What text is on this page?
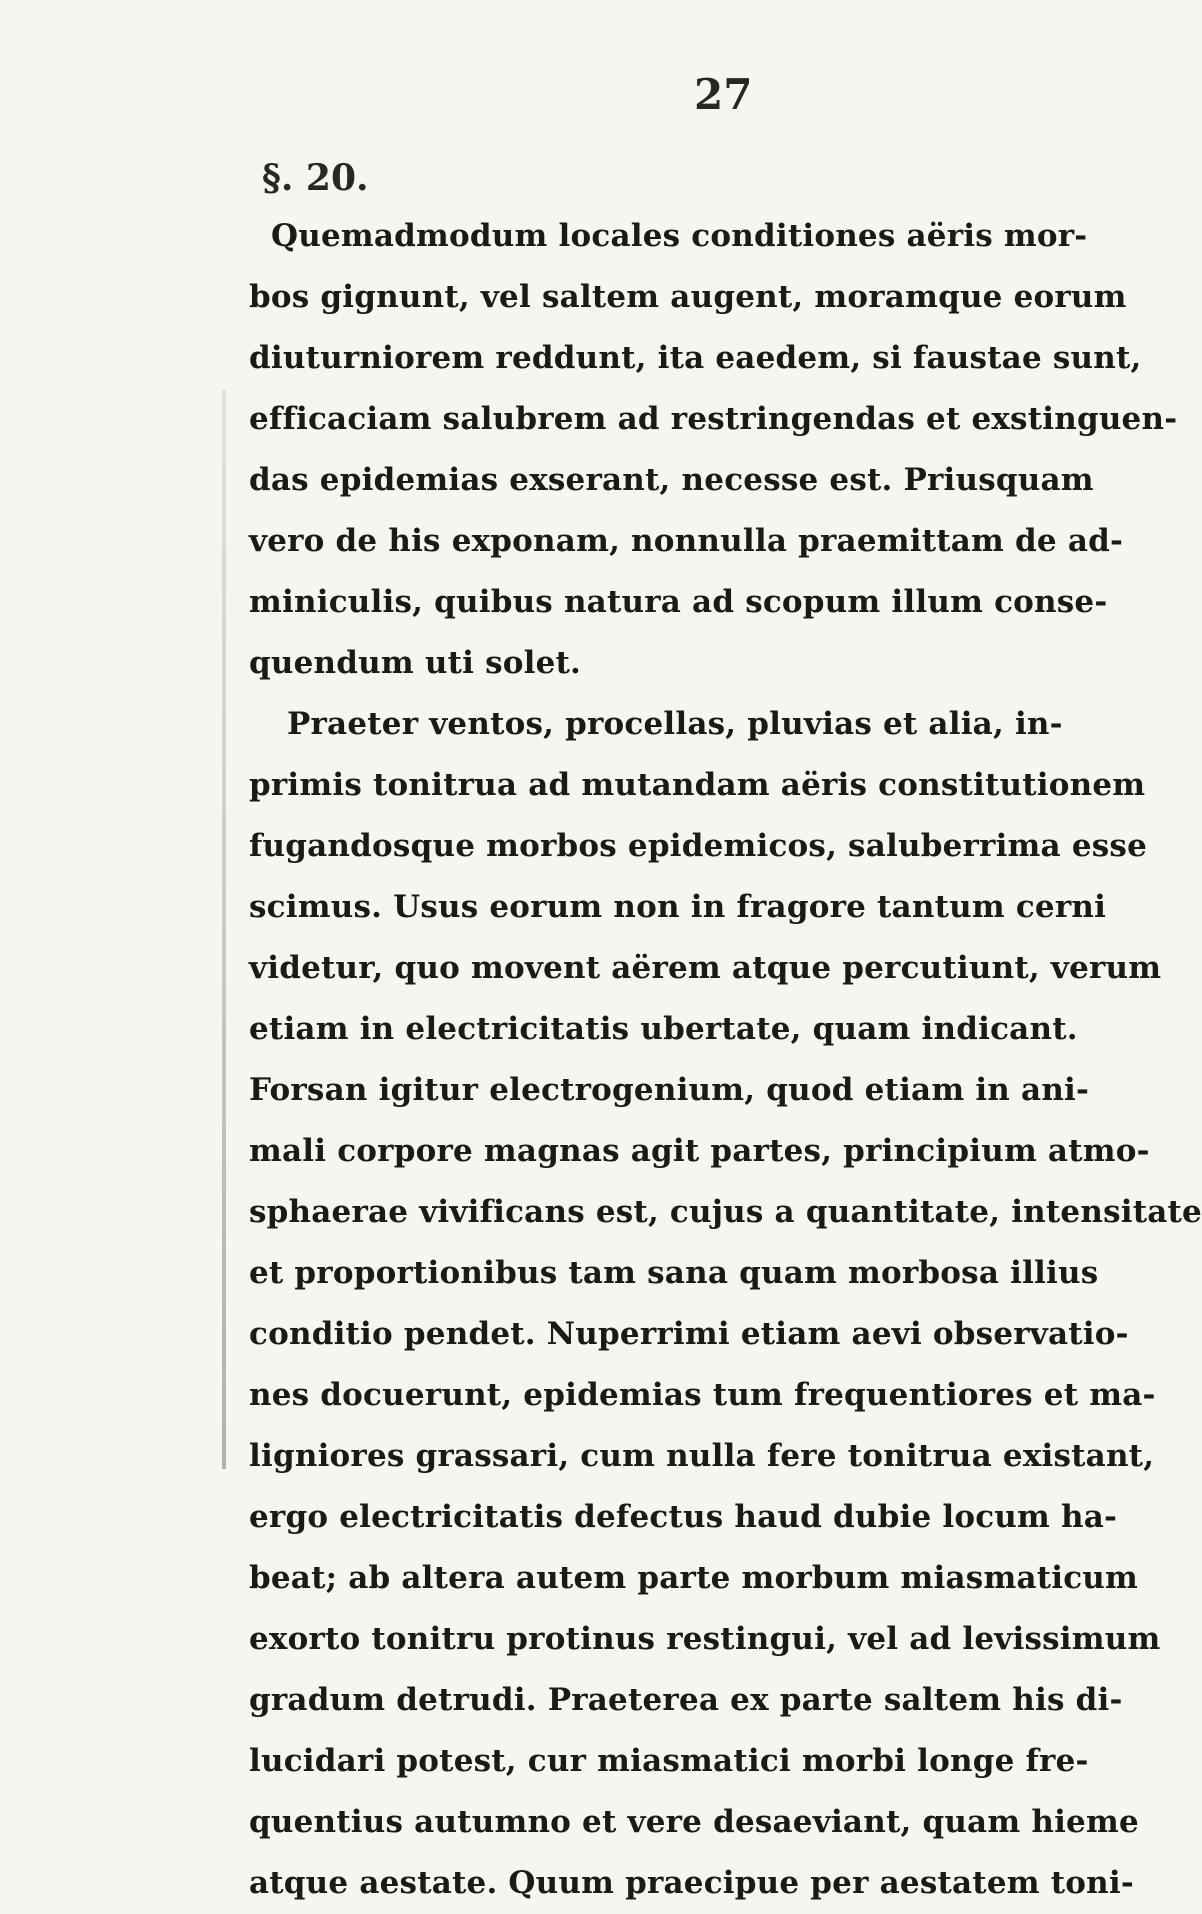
27
§. 20.
Quemadmodum locales conditiones aëris mor-
bos gignunt, vel saltem augent, moramque eorum
diuturniorem reddunt, ita eaedem, si faustae sunt,
efficaciam salubrem ad restringendas et exstinguen-
das epidemias exserant, necesse est. Priusquam
vero de his exponam, nonnulla praemittam de ad-
miniculis, quibus natura ad scopum illum conse-
quendum uti solet.
Praeter ventos, procellas, pluvias et alia, in-
primis tonitrua ad mutandam aëris constitutionem
fugandosque morbos epidemicos, saluberrima esse
scimus. Usus eorum non in fragore tantum cerni
videtur, quo movent aërem atque percutiunt, verum
etiam in electricitatis ubertate, quam indicant.
Forsan igitur electrogenium, quod etiam in ani-
mali corpore magnas agit partes, principium atmo-
sphaerae vivificans est, cujus a quantitate, intensitate
et proportionibus tam sana quam morbosa illius
conditio pendet. Nuperrimi etiam aevi observatio-
nes docuerunt, epidemias tum frequentiores et ma-
ligniores grassari, cum nulla fere tonitrua existant,
ergo electricitatis defectus haud dubie locum ha-
beat; ab altera autem parte morbum miasmaticum
exorto tonitru protinus restingui, vel ad levissimum
gradum detrudi. Praeterea ex parte saltem his di-
lucidari potest, cur miasmatici morbi longe fre-
quentius autumno et vere desaeviant, quam hieme
atque aestate. Quum praecipue per aestatem toni-
